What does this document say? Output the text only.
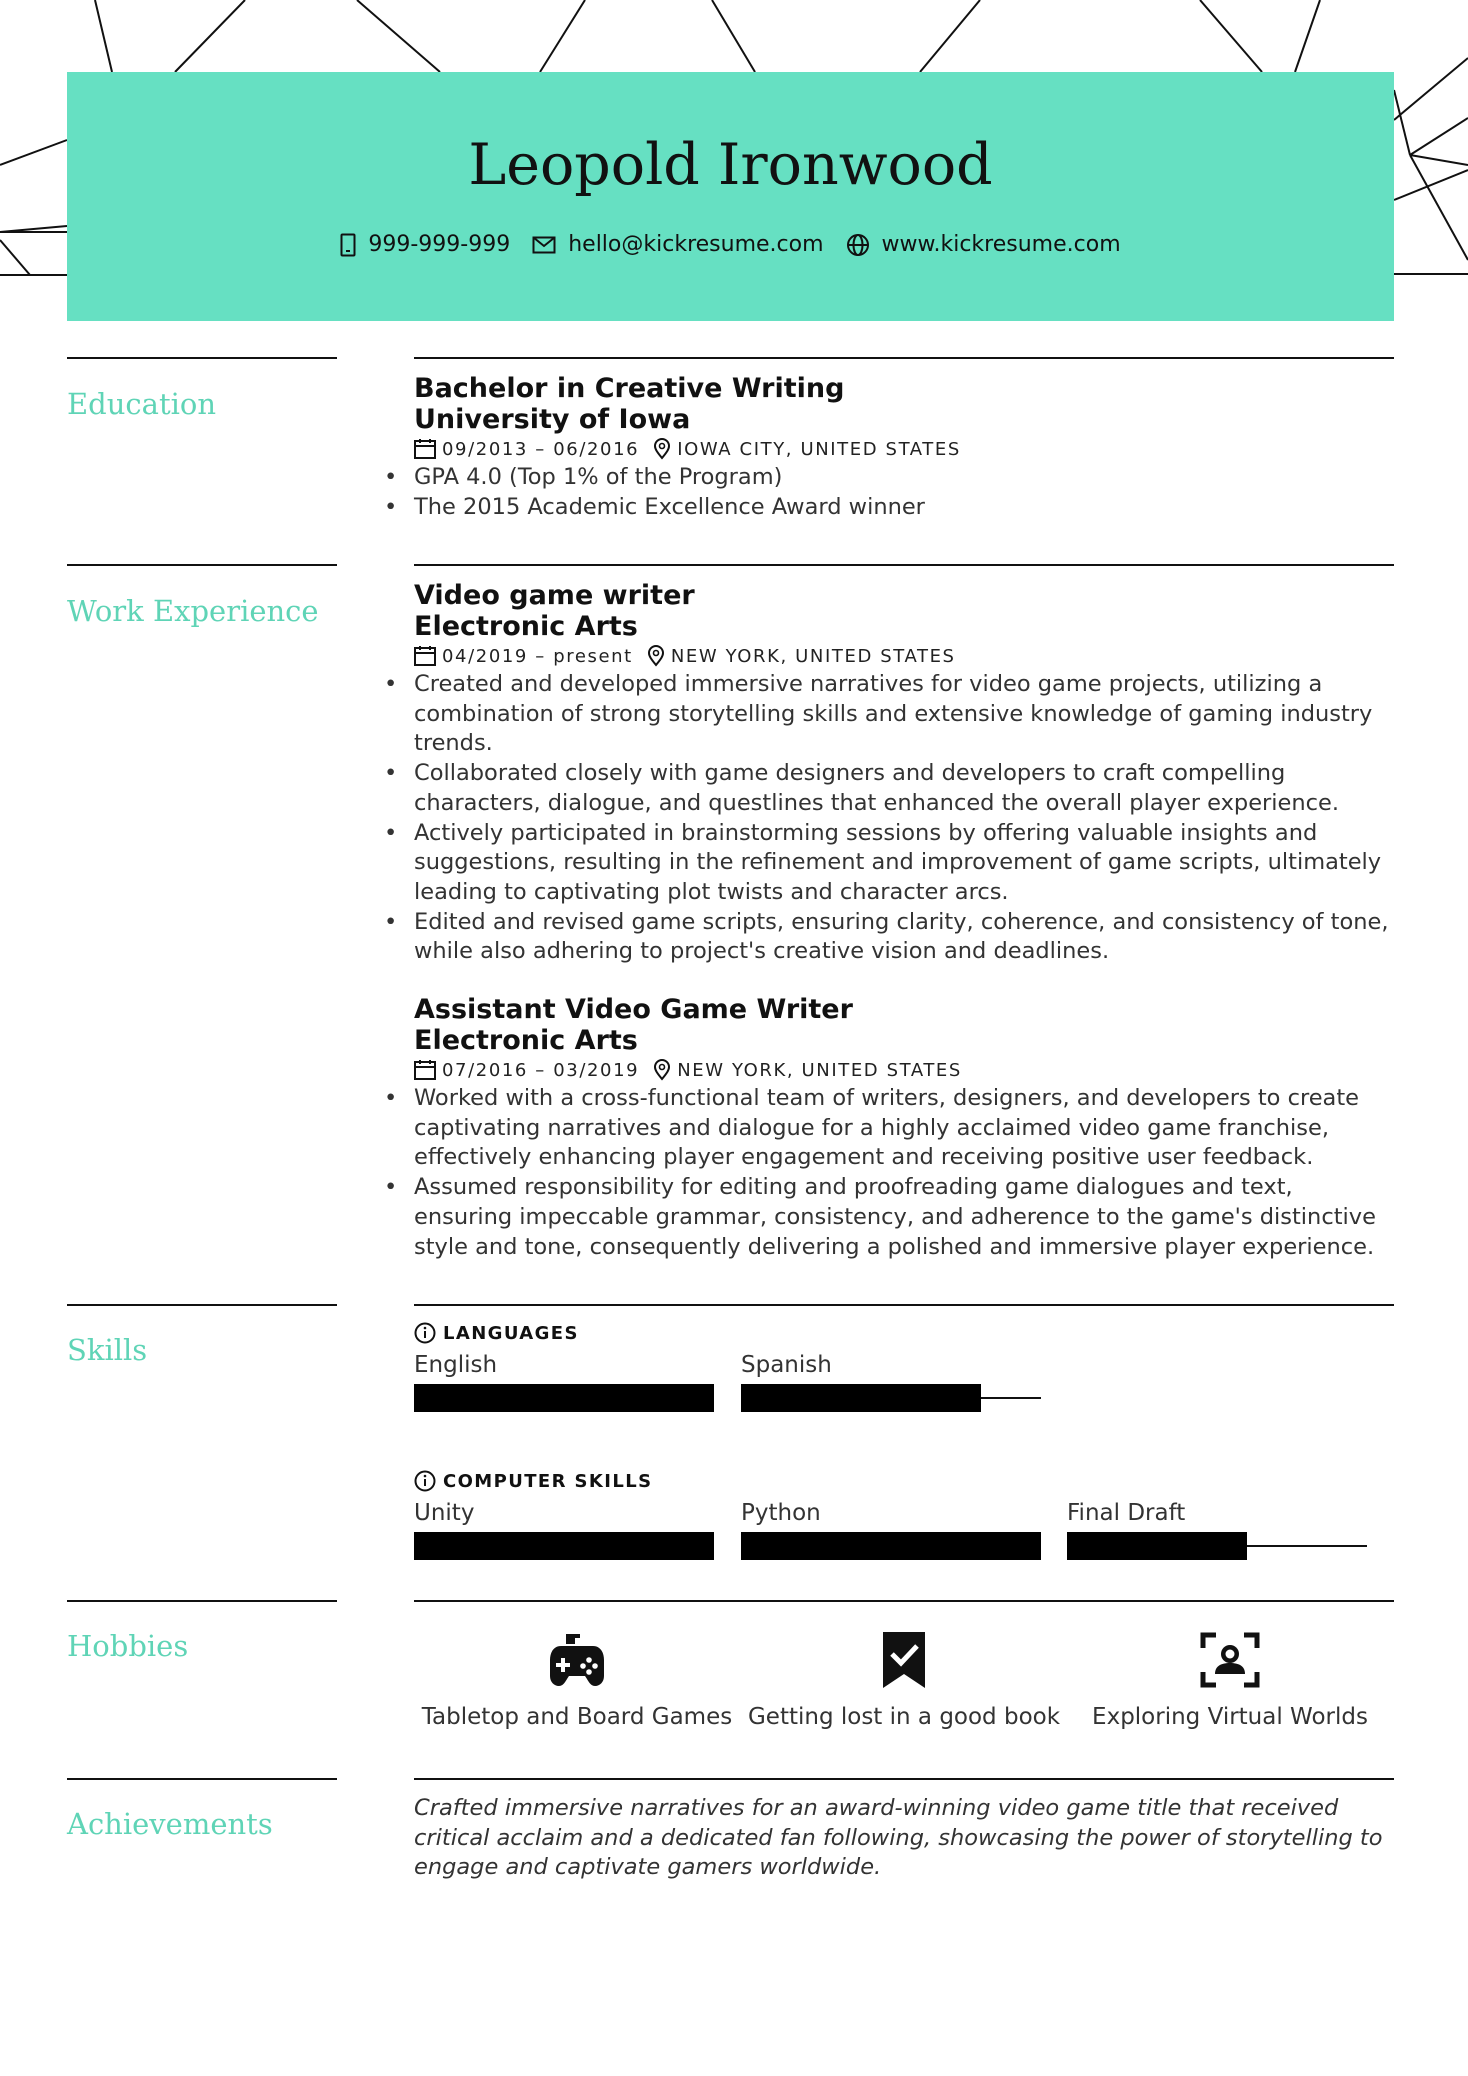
Leopold Ironwood
999-999-999	hello@kickresume.com	www.kickresume.com
Education	Bachelor in Creative Writing
University of Iowa
09/2013 – 06/2016 IOWA CITY, UNITED STATES
• GPA 4.0 (Top 1% of the Program)
• The 2015 Academic Excellence Award winner
Work Experience	Video game writer
Electronic Arts
04/2019 – present NEW YORK, UNITED STATES
• Created and developed immersive narratives for video game projects, utilizing a combination of strong storytelling skills and extensive knowledge of gaming industry trends.
• Collaborated closely with game designers and developers to craft compelling characters, dialogue, and questlines that enhanced the overall player experience.
• Actively participated in brainstorming sessions by offering valuable insights and suggestions, resulting in the refinement and improvement of game scripts, ultimately leading to captivating plot twists and character arcs.
• Edited and revised game scripts, ensuring clarity, coherence, and consistency of tone, while also adhering to project's creative vision and deadlines.
Assistant Video Game Writer
Electronic Arts
07/2016 – 03/2019 NEW YORK, UNITED STATES
• Worked with a cross-functional team of writers, designers, and developers to create captivating narratives and dialogue for a highly acclaimed video game franchise, effectively enhancing player engagement and receiving positive user feedback.
• Assumed responsibility for editing and proofreading game dialogues and text, ensuring impeccable grammar, consistency, and adherence to the game's distinctive style and tone, consequently delivering a polished and immersive player experience.
Skills	LANGUAGES
English	Spanish
COMPUTER SKILLS
Unity	Python	Final Draft
Hobbies
Tabletop and Board Games Getting lost in a good book	Exploring Virtual Worlds
Achievements	Crafted immersive narratives for an award-winning video game title that received critical acclaim and a dedicated fan following, showcasing the power of storytelling to engage and captivate gamers worldwide.
